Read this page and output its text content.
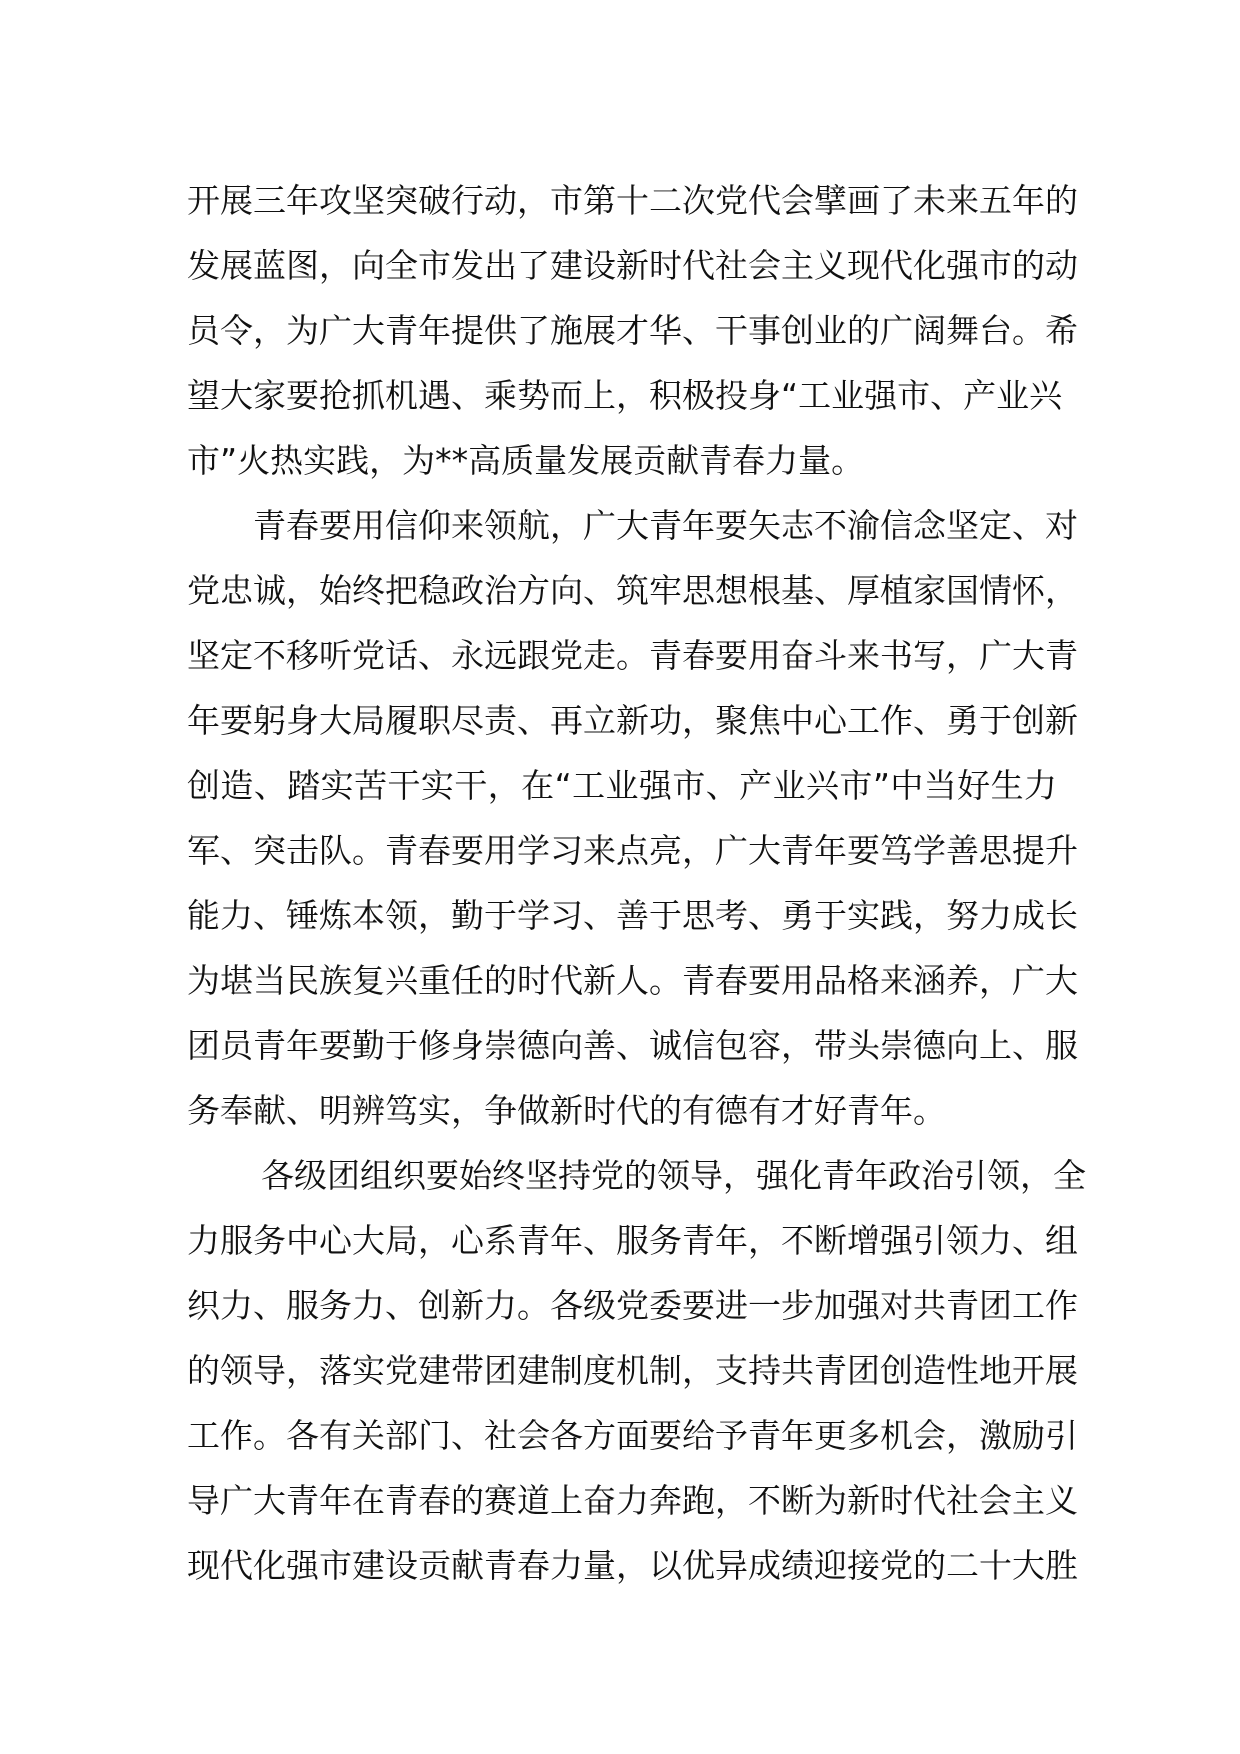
开展三年攻坚突破行动，市第十二次党代会擘画了未来五年的
发展蓝图，向全市发出了建设新时代社会主义现代化强市的动
员令，为广大青年提供了施展才华、干事创业的广阔舞台。希
望大家要抢抓机遇、乘势而上，积极投身“工业强市、产业兴
市”火热实践，为**高质量发展贡献青春力量。

青春要用信仰来领航，广大青年要矢志不渝信念坚定、对
党忠诚，始终把稳政治方向、筑牢思想根基、厚植家国情怀，
坚定不移听党话、永远跟党走。青春要用奋斗来书写，广大青
年要躬身大局履职尽责、再立新功，聚焦中心工作、勇于创新
创造、踏实苦干实干，在“工业强市、产业兴市”中当好生力
军、突击队。青春要用学习来点亮，广大青年要笃学善思提升
能力、锤炼本领，勤于学习、善于思考、勇于实践，努力成长
为堪当民族复兴重任的时代新人。青春要用品格来涵养，广大
团员青年要勤于修身崇德向善、诚信包容，带头崇德向上、服
务奉献、明辨笃实，争做新时代的有德有才好青年。

各级团组织要始终坚持党的领导，强化青年政治引领，全
力服务中心大局，心系青年、服务青年，不断增强引领力、组
织力、服务力、创新力。各级党委要进一步加强对共青团工作
的领导，落实党建带团建制度机制，支持共青团创造性地开展
工作。各有关部门、社会各方面要给予青年更多机会，激励引
导广大青年在青春的赛道上奋力奔跑，不断为新时代社会主义
现代化强市建设贡献青春力量，以优异成绩迎接党的二十大胜
